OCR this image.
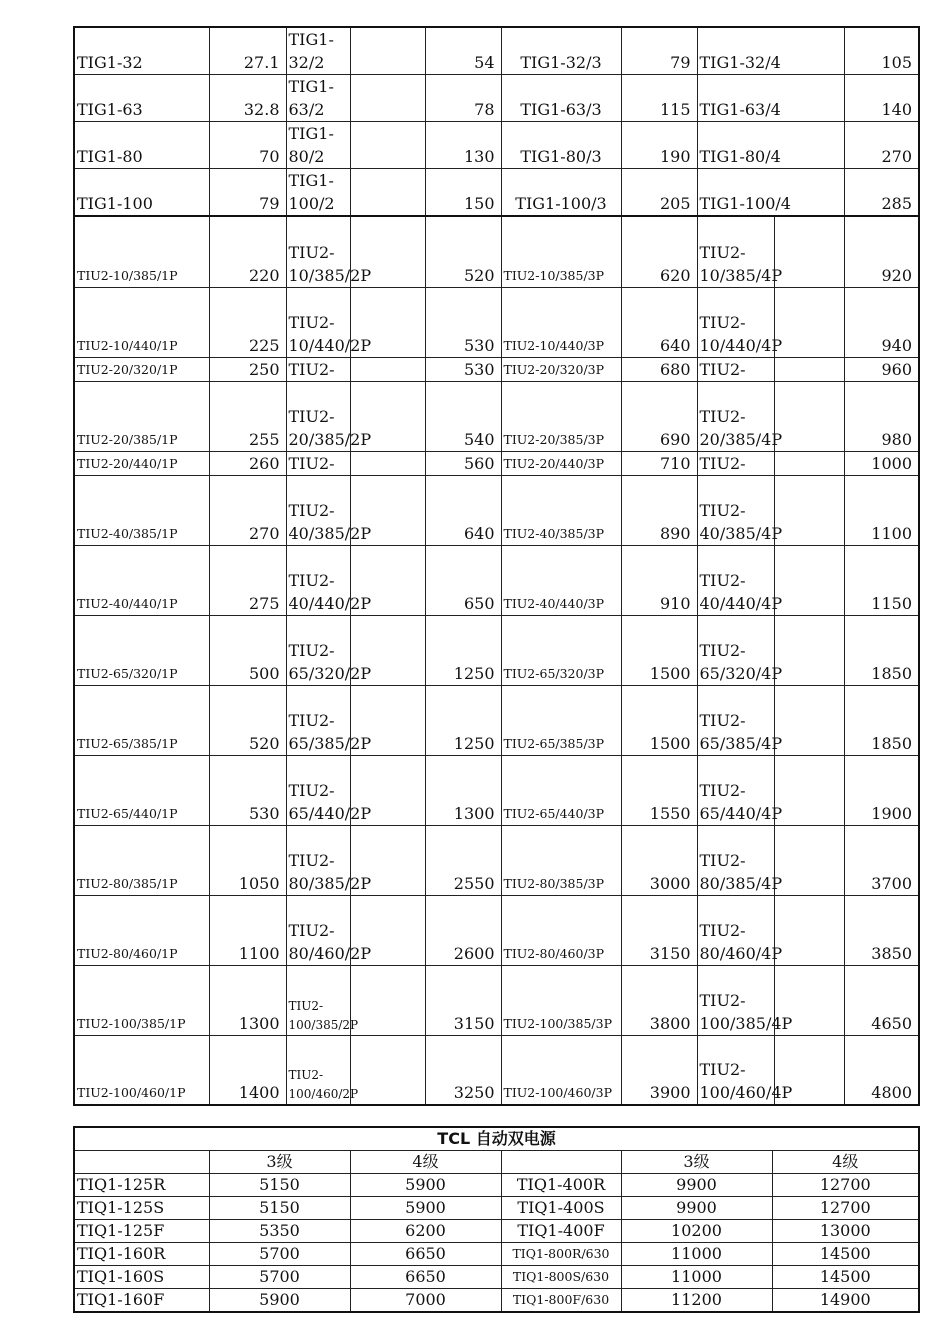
TIG1-32	27.1	TIG1-32/2		54	TIG1-32/3	79	TIG1-32/4		105
TIG1-63	32.8	TIG1-63/2		78	TIG1-63/3	115	TIG1-63/4		140
TIG1-80	70	TIG1-80/2		130	TIG1-80/3	190	TIG1-80/4		270
TIG1-100	79	TIG1-100/2		150	TIG1-100/3	205	TIG1-100/4		285
TIU2-10/385/1P	220	TIU2-10/385/2P		520	TIU2-10/385/3P	620	TIU2-10/385/4P		920
TIU2-10/440/1P	225	TIU2-10/440/2P		530	TIU2-10/440/3P	640	TIU2-10/440/4P		940
TIU2-20/320/1P	250	TIU2-		530	TIU2-20/320/3P	680	TIU2-		960
TIU2-20/385/1P	255	TIU2-20/385/2P		540	TIU2-20/385/3P	690	TIU2-20/385/4P		980
TIU2-20/440/1P	260	TIU2-		560	TIU2-20/440/3P	710	TIU2-		1000
TIU2-40/385/1P	270	TIU2-40/385/2P		640	TIU2-40/385/3P	890	TIU2-40/385/4P		1100
TIU2-40/440/1P	275	TIU2-40/440/2P		650	TIU2-40/440/3P	910	TIU2-40/440/4P		1150
TIU2-65/320/1P	500	TIU2-65/320/2P		1250	TIU2-65/320/3P	1500	TIU2-65/320/4P		1850
TIU2-65/385/1P	520	TIU2-65/385/2P		1250	TIU2-65/385/3P	1500	TIU2-65/385/4P		1850
TIU2-65/440/1P	530	TIU2-65/440/2P		1300	TIU2-65/440/3P	1550	TIU2-65/440/4P		1900
TIU2-80/385/1P	1050	TIU2-80/385/2P		2550	TIU2-80/385/3P	3000	TIU2-80/385/4P		3700
TIU2-80/460/1P	1100	TIU2-80/460/2P		2600	TIU2-80/460/3P	3150	TIU2-80/460/4P		3850
TIU2-100/385/1P	1300	TIU2-100/385/2P		3150	TIU2-100/385/3P	3800	TIU2-100/385/4P		4650
TIU2-100/460/1P	1400	TIU2-100/460/2P		3250	TIU2-100/460/3P	3900	TIU2-100/460/4P		4800
TCL 自动双电源					
	3级	4级		3级	4级
TIQ1-125R	5150	5900	TIQ1-400R	9900	12700
TIQ1-125S	5150	5900	TIQ1-400S	9900	12700
TIQ1-125F	5350	6200	TIQ1-400F	10200	13000
TIQ1-160R	5700	6650	TIQ1-800R/630	11000	14500
TIQ1-160S	5700	6650	TIQ1-800S/630	11000	14500
TIQ1-160F	5900	7000	TIQ1-800F/630	11200	14900
